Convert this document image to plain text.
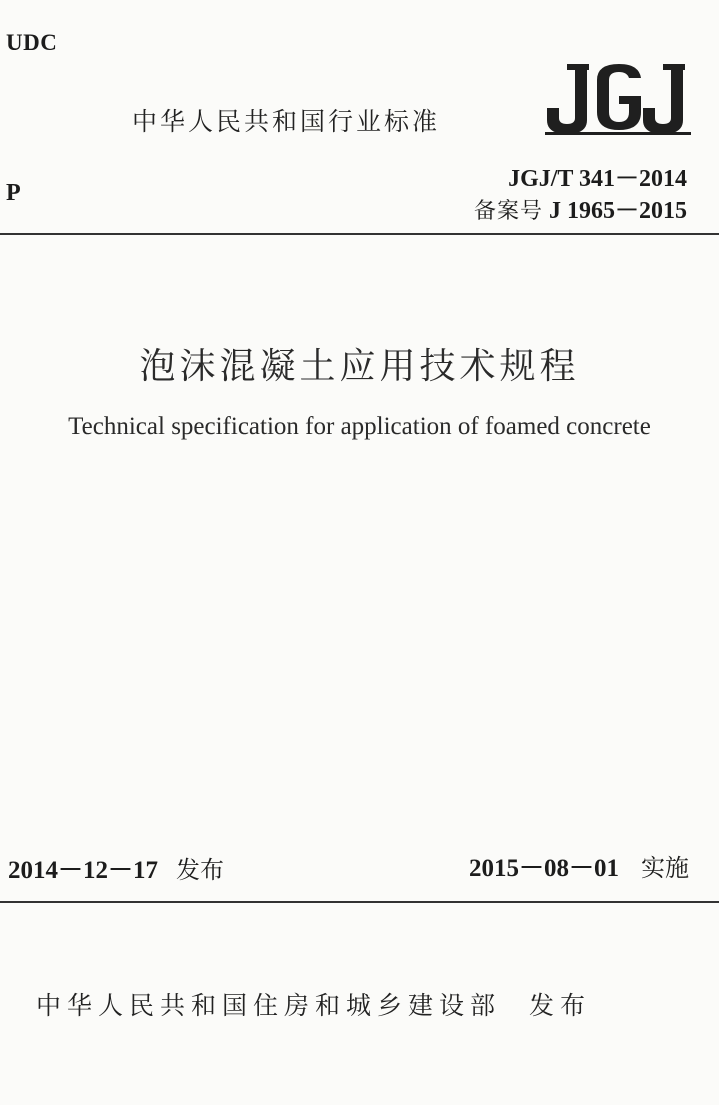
UDC
P
中华人民共和国行业标准
JGJ/T 341－2014
备案号 J 1965－2015
泡沫混凝土应用技术规程
Technical specification for application of foamed concrete
2014－12－17 发布	2015－08－01 实施
中华人民共和国住房和城乡建设部 发布
